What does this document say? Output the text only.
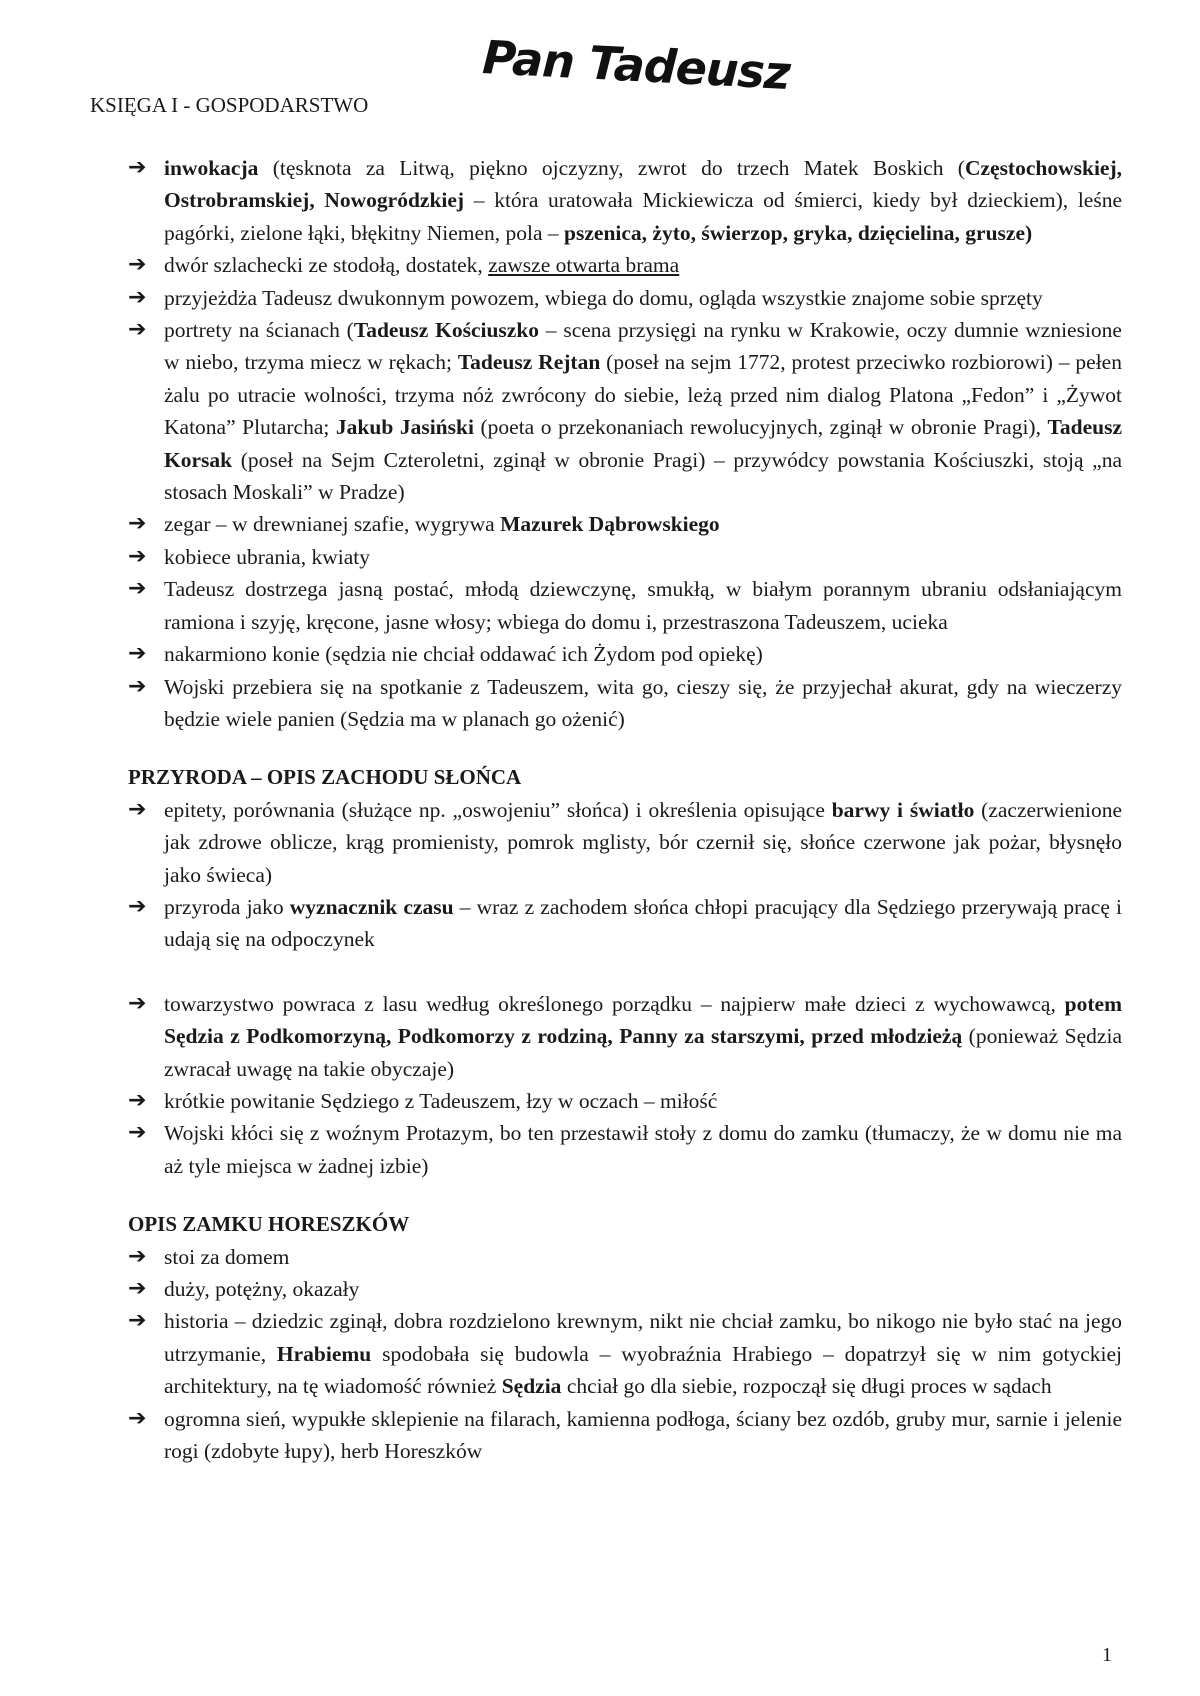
Pan Tadeusz
KSIĘGA I - GOSPODARSTWO
➔ inwokacja (tęsknota za Litwą, piękno ojczyzny, zwrot do trzech Matek Boskich (Częstochowskiej, Ostrobramskiej, Nowogródzkiej – która uratowała Mickiewicza od śmierci, kiedy był dzieckiem), leśne pagórki, zielone łąki, błękitny Niemen, pola – pszenica, żyto, świerzop, gryka, dzięcielina, grusze)
➔ dwór szlachecki ze stodołą, dostatek, zawsze otwarta brama
➔ przyjeżdża Tadeusz dwukonnym powozem, wbiega do domu, ogląda wszystkie znajome sobie sprzęty
➔ portrety na ścianach (Tadeusz Kościuszko – scena przysięgi na rynku w Krakowie, oczy dumnie wzniesione w niebo, trzyma miecz w rękach; Tadeusz Rejtan (poseł na sejm 1772, protest przeciwko rozbiorowi) – pełen żalu po utracie wolności, trzyma nóż zwrócony do siebie, leżą przed nim dialog Platona „Fedon” i „Żywot Katona” Plutarcha; Jakub Jasiński (poeta o przekonaniach rewolucyjnych, zginął w obronie Pragi), Tadeusz Korsak (poseł na Sejm Czteroletni, zginął w obronie Pragi) – przywódcy powstania Kościuszki, stoją „na stosach Moskali” w Pradze)
➔ zegar – w drewnianej szafie, wygrywa Mazurek Dąbrowskiego
➔ kobiece ubrania, kwiaty
➔ Tadeusz dostrzega jasną postać, młodą dziewczynę, smukłą, w białym porannym ubraniu odsłaniającym ramiona i szyję, kręcone, jasne włosy; wbiega do domu i, przestraszona Tadeuszem, ucieka
➔ nakarmiono konie (sędzia nie chciał oddawać ich Żydom pod opiekę)
➔ Wojski przebiera się na spotkanie z Tadeuszem, wita go, cieszy się, że przyjechał akurat, gdy na wieczerzy będzie wiele panien (Sędzia ma w planach go ożenić)
PRZYRODA – OPIS ZACHODU SŁOŃCA
➔ epitety, porównania (służące np. „oswojeniu” słońca) i określenia opisujące barwy i światło (zaczerwienione jak zdrowe oblicze, krąg promienisty, pomrok mglisty, bór czernił się, słońce czerwone jak pożar, błysnęło jako świeca)
➔ przyroda jako wyznacznik czasu – wraz z zachodem słońca chłopi pracujący dla Sędziego przerywają pracę i udają się na odpoczynek
➔ towarzystwo powraca z lasu według określonego porządku – najpierw małe dzieci z wychowawcą, potem Sędzia z Podkomorzyną, Podkomorzy z rodziną, Panny za starszymi, przed młodzieżą (ponieważ Sędzia zwracał uwagę na takie obyczaje)
➔ krótkie powitanie Sędziego z Tadeuszem, łzy w oczach – miłość
➔ Wojski kłóci się z woźnym Protazym, bo ten przestawił stoły z domu do zamku (tłumaczy, że w domu nie ma aż tyle miejsca w żadnej izbie)
OPIS ZAMKU HORESZKÓW
➔ stoi za domem
➔ duży, potężny, okazały
➔ historia – dziedzic zginął, dobra rozdzielono krewnym, nikt nie chciał zamku, bo nikogo nie było stać na jego utrzymanie, Hrabiemu spodobała się budowla – wyobraźnia Hrabiego – dopatrzył się w nim gotyckiej architektury, na tę wiadomość również Sędzia chciał go dla siebie, rozpoczął się długi proces w sądach
➔ ogromna sień, wypukłe sklepienie na filarach, kamienna podłoga, ściany bez ozdób, gruby mur, sarnie i jelenie rogi (zdobyte łupy), herb Horeszków
1
